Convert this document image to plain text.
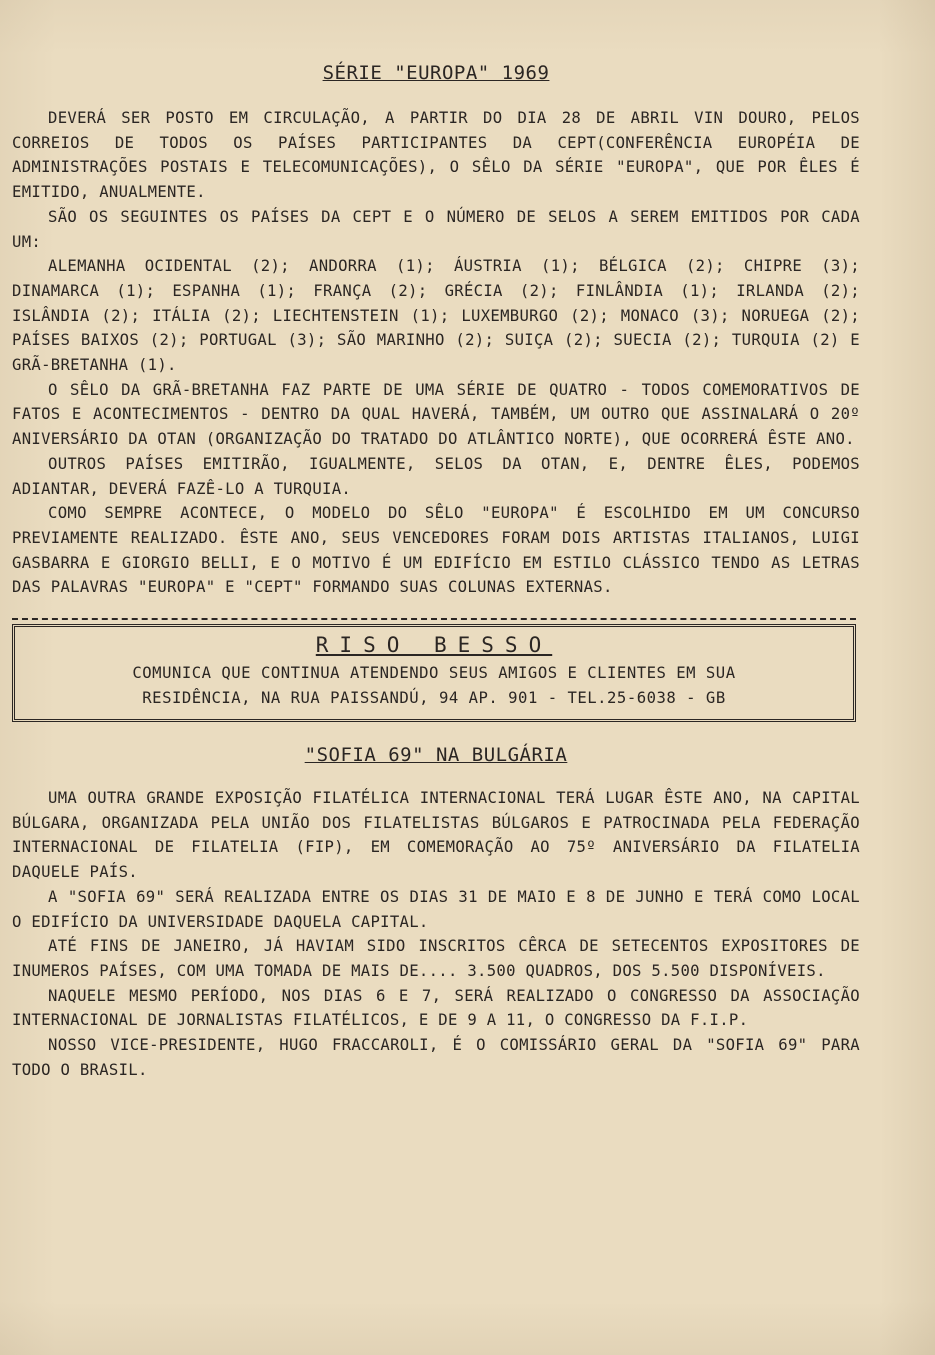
SÉRIE "EUROPA" 1969

DEVERÁ SER POSTO EM CIRCULAÇÃO, A PARTIR DO DIA 28 DE ABRIL VIN DOURO, PELOS CORREIOS DE TODOS OS PAÍSES PARTICIPANTES DA CEPT(CONFERÊNCIA EUROPÉIA DE ADMINISTRAÇÕES POSTAIS E TELECOMUNICAÇÕES), O SÊLO DA SÉRIE "EUROPA", QUE POR ÊLES É EMITIDO, ANUALMENTE.

SÃO OS SEGUINTES OS PAÍSES DA CEPT E O NÚMERO DE SELOS A SEREM EMITIDOS POR CADA UM:

ALEMANHA OCIDENTAL (2); ANDORRA (1); ÁUSTRIA (1); BÉLGICA (2); CHIPRE (3); DINAMARCA (1); ESPANHA (1); FRANÇA (2); GRÉCIA (2); FINLÂNDIA (1); IRLANDA (2); ISLÂNDIA (2); ITÁLIA (2); LIECHTENSTEIN (1); LUXEMBURGO (2); MONACO (3); NORUEGA (2); PAÍSES BAIXOS (2); PORTUGAL (3); SÃO MARINHO (2); SUIÇA (2); SUECIA (2); TURQUIA (2) E GRÃ-BRETANHA (1).

O SÊLO DA GRÃ-BRETANHA FAZ PARTE DE UMA SÉRIE DE QUATRO - TODOS COMEMORATIVOS DE FATOS E ACONTECIMENTOS - DENTRO DA QUAL HAVERÁ, TAMBÉM, UM OUTRO QUE ASSINALARÁ O 20º ANIVERSÁRIO DA OTAN (ORGANIZAÇÃO DO TRATADO DO ATLÂNTICO NORTE), QUE OCORRERÁ ÊSTE ANO.

OUTROS PAÍSES EMITIRÃO, IGUALMENTE, SELOS DA OTAN, E, DENTRE ÊLES, PODEMOS ADIANTAR, DEVERÁ FAZÊ-LO A TURQUIA.

COMO SEMPRE ACONTECE, O MODELO DO SÊLO "EUROPA" É ESCOLHIDO EM UM CONCURSO PREVIAMENTE REALIZADO. ÊSTE ANO, SEUS VENCEDORES FORAM DOIS ARTISTAS ITALIANOS, LUIGI GASBARRA E GIORGIO BELLI, E O MOTIVO É UM EDIFÍCIO EM ESTILO CLÁSSICO TENDO AS LETRAS DAS PALAVRAS "EUROPA" E "CEPT" FORMANDO SUAS COLUNAS EXTERNAS.

RISO BESSO
COMUNICA QUE CONTINUA ATENDENDO SEUS AMIGOS E CLIENTES EM SUA
RESIDÊNCIA, NA RUA PAISSANDÚ, 94 AP. 901 - TEL.25-6038 - GB
"SOFIA 69" NA BULGÁRIA

UMA OUTRA GRANDE EXPOSIÇÃO FILATÉLICA INTERNACIONAL TERÁ LUGAR ÊSTE ANO, NA CAPITAL BÚLGARA, ORGANIZADA PELA UNIÃO DOS FILATELISTAS BÚLGAROS E PATROCINADA PELA FEDERAÇÃO INTERNACIONAL DE FILATELIA (FIP), EM COMEMORAÇÃO AO 75º ANIVERSÁRIO DA FILATELIA DAQUELE PAÍS.

A "SOFIA 69" SERÁ REALIZADA ENTRE OS DIAS 31 DE MAIO E 8 DE JUNHO E TERÁ COMO LOCAL O EDIFÍCIO DA UNIVERSIDADE DAQUELA CAPITAL.

ATÉ FINS DE JANEIRO, JÁ HAVIAM SIDO INSCRITOS CÊRCA DE SETECENTOS EXPOSITORES DE INUMEROS PAÍSES, COM UMA TOMADA DE MAIS DE.... 3.500 QUADROS, DOS 5.500 DISPONÍVEIS.

NAQUELE MESMO PERÍODO, NOS DIAS 6 E 7, SERÁ REALIZADO O CONGRESSO DA ASSOCIAÇÃO INTERNACIONAL DE JORNALISTAS FILATÉLICOS, E DE 9 A 11, O CONGRESSO DA F.I.P.

NOSSO VICE-PRESIDENTE, HUGO FRACCAROLI, É O COMISSÁRIO GERAL DA "SOFIA 69" PARA TODO O BRASIL.
